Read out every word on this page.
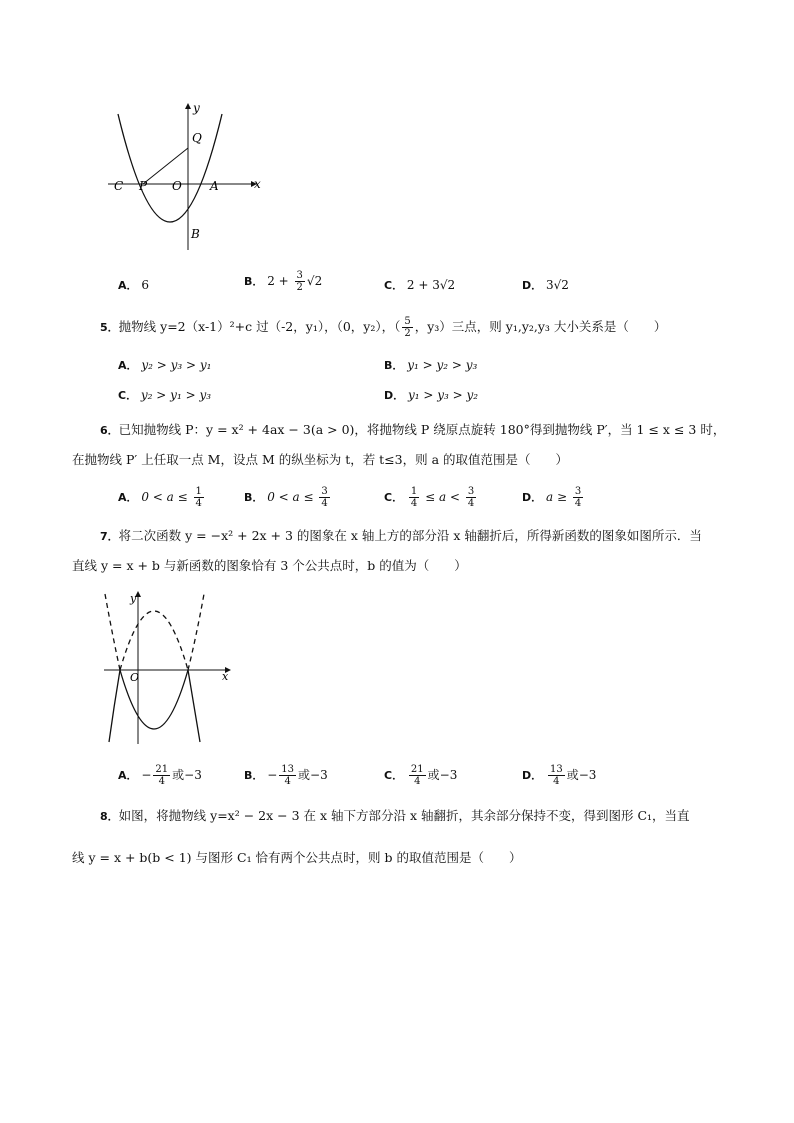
y
x
Q
C P O A
B
A． 6	B． $2 + \frac{3}{2} √2$	C． 2 + 3√2	D． 3√2
5．抛物线 y=2（x-1）²+c 过（-2，y₁），（0，y₂），（ $\frac{5}{2}$ ，y₃）三点，则 y₁,y₂,y₃ 大小关系是（　　）
A． y₂ > y₃ > y₁	B． y₁ > y₂ > y₃
C． y₂ > y₁ > y₃	D． y₁ > y₃ > y₂
6．已知抛物线 P：y = x² + 4ax − 3(a > 0)，将抛物线 P 绕原点旋转 180°得到抛物线 P′，当 1 ≤ x ≤ 3 时，
在抛物线 P′ 上任取一点 M，设点 M 的纵坐标为 t，若 t≤3，则 a 的取值范围是（　　）
A． $0 < a \le \frac{1}{4}$	B． $0 < a \le \frac{3}{4}$	C． $\frac{1}{4} \le a < \frac{3}{4}$	D． $a \ge \frac{3}{4}$
7．将二次函数 y = −x² + 2x + 3 的图象在 x 轴上方的部分沿 x 轴翻折后，所得新函数的图象如图所示．当
直线 y = x + b 与新函数的图象恰有 3 个公共点时，b 的值为（　　）
y
x
O
A． − $\frac{21}{4}$ 或−3	B． − $\frac{13}{4}$ 或−3	C． $\frac{21}{4}$ 或−3	D． $\frac{13}{4}$ 或−3
8．如图，将抛物线 y=x² − 2x − 3 在 x 轴下方部分沿 x 轴翻折，其余部分保持不变，得到图形 C₁，当直
线 y = x + b(b < 1) 与图形 C₁ 恰有两个公共点时，则 b 的取值范围是（　　）
